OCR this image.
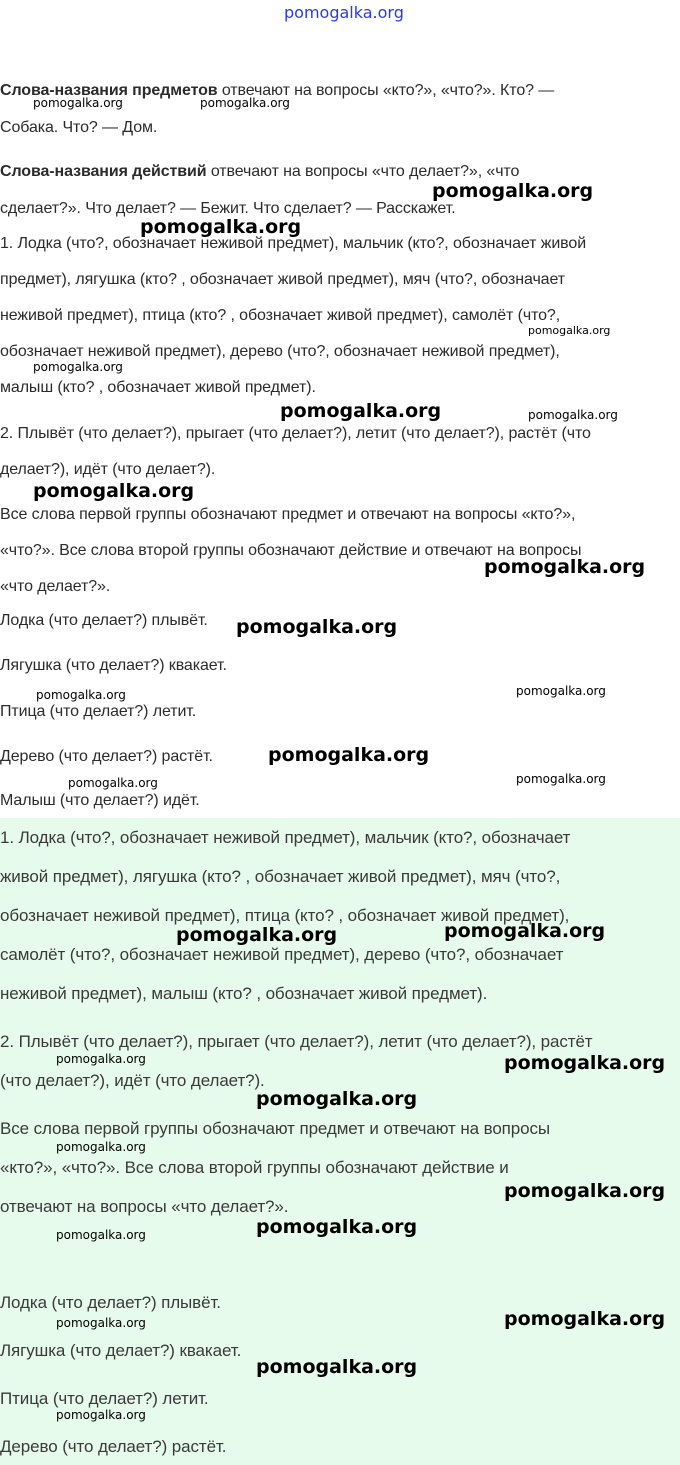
pomogalka.org

Слова-названия предметов отвечают на вопросы «кто?», «что?». Кто? —

Собака. Что? — Дом.

Слова-названия действий отвечают на вопросы «что делает?», «что

сделает?». Что делает? — Бежит. Что сделает? — Расскажет.

1. Лодка (что?, обозначает неживой предмет), мальчик (кто?, обозначает живой

предмет), лягушка (кто? , обозначает живой предмет), мяч (что?, обозначает

неживой предмет), птица (кто? , обозначает живой предмет), самолёт (что?,

обозначает неживой предмет), дерево (что?, обозначает неживой предмет),

малыш (кто? , обозначает живой предмет).

2. Плывёт (что делает?), прыгает (что делает?), летит (что делает?), растёт (что

делает?), идёт (что делает?).

Все слова первой группы обозначают предмет и отвечают на вопросы «кто?»,

«что?». Все слова второй группы обозначают действие и отвечают на вопросы

«что делает?».

Лодка (что делает?) плывёт.

Лягушка (что делает?) квакает.

Птица (что делает?) летит.

Дерево (что делает?) растёт.

Малыш (что делает?) идёт.

1. Лодка (что?, обозначает неживой предмет), мальчик (кто?, обозначает

живой предмет), лягушка (кто? , обозначает живой предмет), мяч (что?,

обозначает неживой предмет), птица (кто? , обозначает живой предмет),

самолёт (что?, обозначает неживой предмет), дерево (что?, обозначает

неживой предмет), малыш (кто? , обозначает живой предмет).

2. Плывёт (что делает?), прыгает (что делает?), летит (что делает?), растёт

(что делает?), идёт (что делает?).

Все слова первой группы обозначают предмет и отвечают на вопросы

«кто?», «что?». Все слова второй группы обозначают действие и

отвечают на вопросы «что делает?».

Лодка (что делает?) плывёт.

Лягушка (что делает?) квакает.

Птица (что делает?) летит.

Дерево (что делает?) растёт.

pomogalka.org	pomogalka.org
pomogalka.org
pomogalka.org
pomogalka.org
pomogalka.org
pomogalka.org	pomogalka.org
pomogalka.org
pomogalka.org
pomogalka.org
pomogalka.org	pomogalka.org
pomogalka.org
pomogalka.org	pomogalka.org
pomogalka.org	pomogalka.org
pomogalka.org	pomogalka.org
pomogalka.org
pomogalka.org
pomogalka.org
pomogalka.org
pomogalka.org
pomogalka.org
pomogalka.org
pomogalka.org
pomogalka.org
